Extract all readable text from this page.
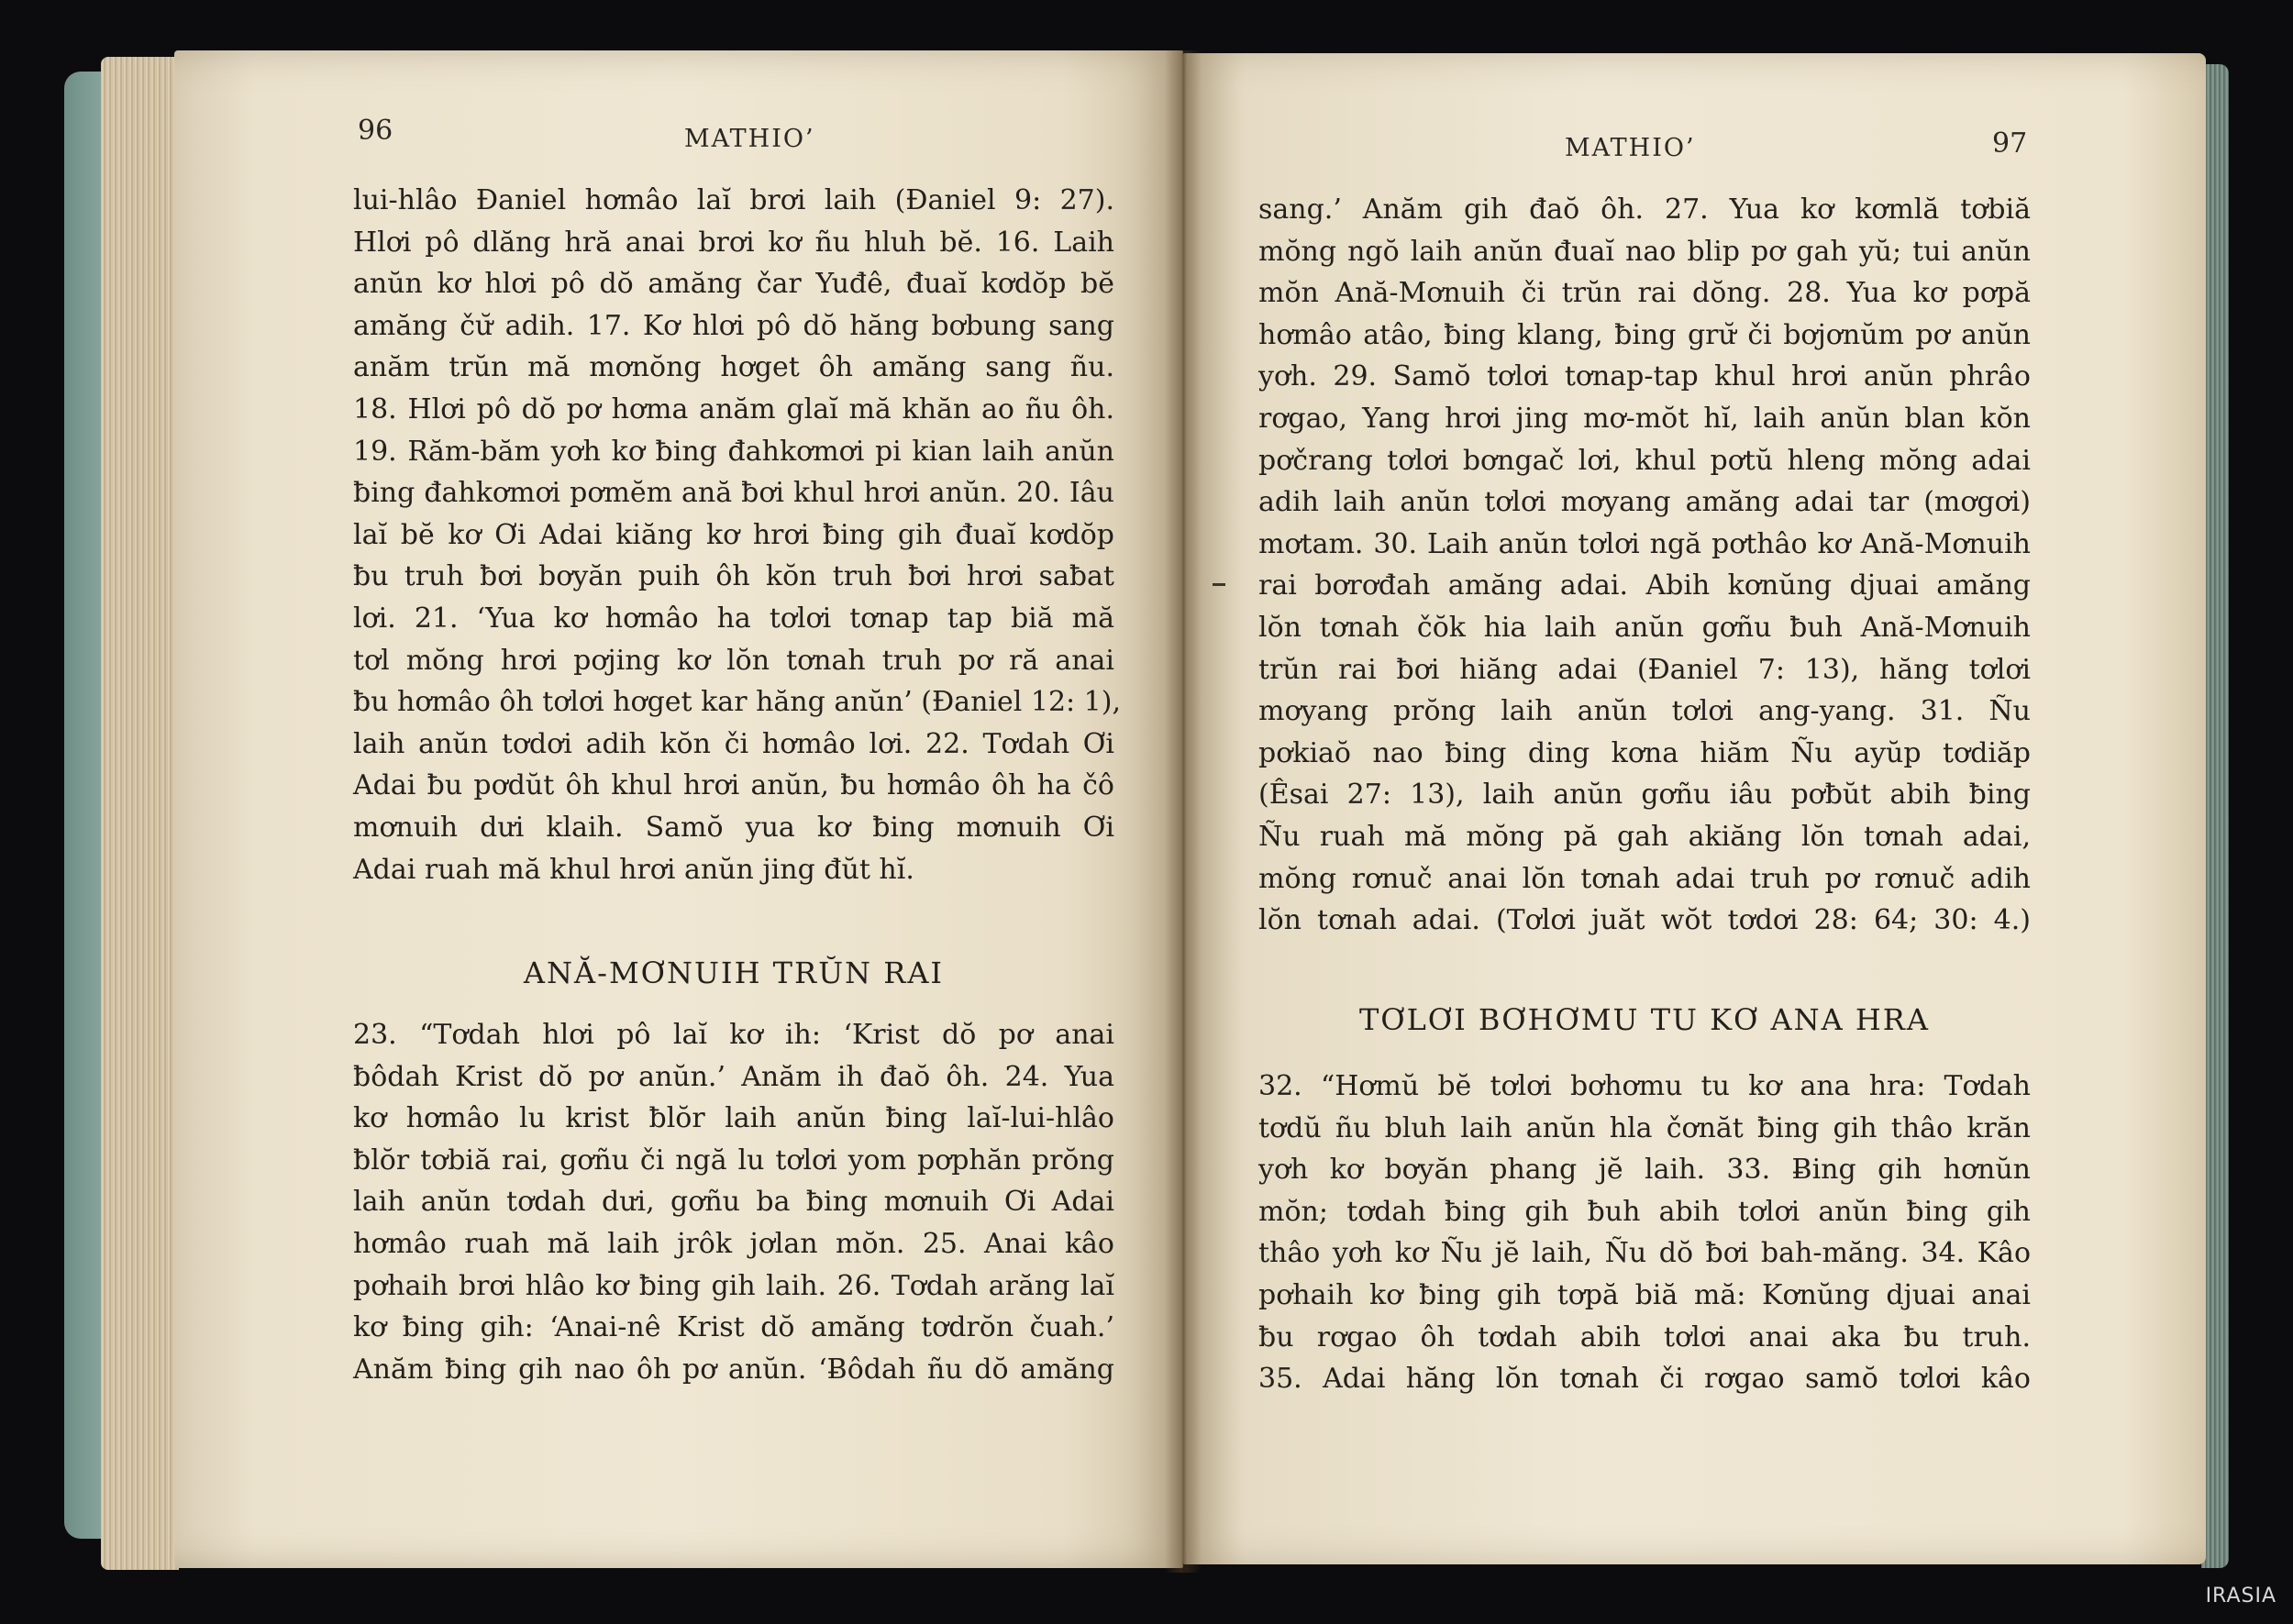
96	MATHIO’
lui-hlâo Đaniel hơmâo laĭ brơi laih (Đaniel 9: 27).
Hlơi pô dlăng hră anai brơi kơ ñu hluh bĕ. 16. Laih
anŭn kơ hlơi pô dŏ amăng čar Yuđê, đuaĭ kơdŏp bĕ
amăng čư̆ adih. 17. Kơ hlơi pô dŏ hăng bơbung sang
anăm trŭn mă mơnŏng hơget ôh amăng sang ñu.
18. Hlơi pô dŏ pơ hơma anăm glaĭ mă khăn ao ñu ôh.
19. Răm-băm yơh kơ ƀing đahkơmơi pi kian laih anŭn
ƀing đahkơmơi pơmĕm ană ƀơi khul hrơi anŭn. 20. Iâu
laĭ bĕ kơ Ơi Adai kiăng kơ hrơi ƀing gih đuaĭ kơdŏp
ƀu truh ƀơi bơyăn puih ôh kŏn truh ƀơi hrơi saƀat
lơi. 21. ‘Yua kơ hơmâo ha tơlơi tơnap tap biă mă
tơl mŏng hrơi pơjing kơ lŏn tơnah truh pơ ră anai
ƀu hơmâo ôh tơlơi hơget kar hăng anŭn’ (Đaniel 12: 1),
laih anŭn tơdơi adih kŏn či hơmâo lơi. 22. Tơdah Ơi
Adai ƀu pơdŭt ôh khul hrơi anŭn, ƀu hơmâo ôh ha čô
mơnuih dưi klaih. Samŏ yua kơ ƀing mơnuih Ơi
Adai ruah mă khul hrơi anŭn jing đŭt hĭ.
ANĂ-MƠNUIH TRŬN RAI
23. “Tơdah hlơi pô laĭ kơ ih: ‘Krist dŏ pơ anai
ƀôdah Krist dŏ pơ anŭn.’ Anăm ih đaŏ ôh. 24. Yua
kơ hơmâo lu krist ƀlŏr laih anŭn ƀing laĭ-lui-hlâo
ƀlŏr tơbiă rai, gơñu či ngă lu tơlơi yom pơphăn prŏng
laih anŭn tơdah dưi, gơñu ba ƀing mơnuih Ơi Adai
hơmâo ruah mă laih jrôk jơlan mŏn. 25. Anai kâo
pơhaih brơi hlâo kơ ƀing gih laih. 26. Tơdah arăng laĭ
kơ ƀing gih: ‘Anai-nê Krist dŏ amăng tơdrŏn čuah.’
Anăm ƀing gih nao ôh pơ anŭn. ‘Ƀôdah ñu dŏ amăng
MATHIO’	97
sang.’ Anăm gih đaŏ ôh. 27. Yua kơ kơmlă tơbiă
mŏng ngŏ laih anŭn đuaĭ nao blip pơ gah yŭ; tui anŭn
mŏn Ană-Mơnuih či trŭn rai dŏng. 28. Yua kơ pơpă
hơmâo atâo, ƀing klang, ƀing grư̆ či bơjơnŭm pơ anŭn
yơh. 29. Samŏ tơlơi tơnap-tap khul hrơi anŭn phrâo
rơgao, Yang hrơi jing mơ-mŏt hĭ, laih anŭn blan kŏn
pơčrang tơlơi bơngač lơi, khul pơtŭ hleng mŏng adai
adih laih anŭn tơlơi mơyang amăng adai tar (mơgơi)
mơtam. 30. Laih anŭn tơlơi ngă pơthâo kơ Ană-Mơnuih
rai bơrơđah amăng adai. Abih kơnŭng djuai amăng
lŏn tơnah čŏk hia laih anŭn gơñu ƀuh Ană-Mơnuih
trŭn rai ƀơi hiăng adai (Đaniel 7: 13), hăng tơlơi
mơyang prŏng laih anŭn tơlơi ang-yang. 31. Ñu
pơkiaŏ nao ƀing ding kơna hiăm Ñu ayŭp tơdiăp
(Êsai 27: 13), laih anŭn gơñu iâu pơƀŭt abih ƀing
Ñu ruah mă mŏng pă gah akiăng lŏn tơnah adai,
mŏng rơnuč anai lŏn tơnah adai truh pơ rơnuč adih
lŏn tơnah adai. (Tơlơi juăt wŏt tơdơi 28: 64; 30: 4.)
TƠLƠI BƠHƠMU TU KƠ ANA HRA
32. “Hơmŭ bĕ tơlơi bơhơmu tu kơ ana hra: Tơdah
tơdŭ ñu bluh laih anŭn hla čơnăt ƀing gih thâo krăn
yơh kơ bơyăn phang jĕ laih. 33. Ƀing gih hơnŭn
mŏn; tơdah ƀing gih ƀuh abih tơlơi anŭn ƀing gih
thâo yơh kơ Ñu jĕ laih, Ñu dŏ ƀơi bah-măng. 34. Kâo
pơhaih kơ ƀing gih tơpă biă mă: Kơnŭng djuai anai
ƀu rơgao ôh tơdah abih tơlơi anai aka ƀu truh.
35. Adai hăng lŏn tơnah či rơgao samŏ tơlơi kâo
IRASIA
